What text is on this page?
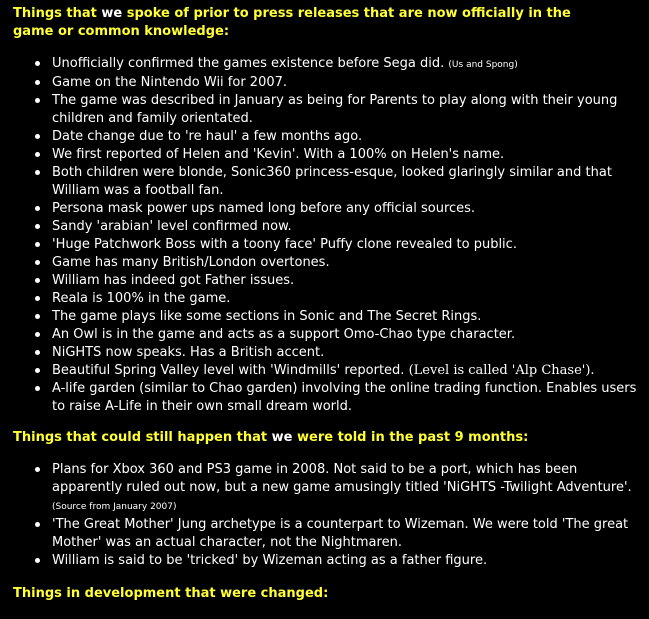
Things that we spoke of prior to press releases that are now officially in the game or common knowledge:
Unofficially confirmed the games existence before Sega did. (Us and Spong)
Game on the Nintendo Wii for 2007.
The game was described in January as being for Parents to play along with their young children and family orientated.
Date change due to 're haul' a few months ago.
We first reported of Helen and 'Kevin'. With a 100% on Helen's name.
Both children were blonde, Sonic360 princess-esque, looked glaringly similar and that William was a football fan.
Persona mask power ups named long before any official sources.
Sandy 'arabian' level confirmed now.
'Huge Patchwork Boss with a toony face' Puffy clone revealed to public.
Game has many British/London overtones.
William has indeed got Father issues.
Reala is 100% in the game.
The game plays like some sections in Sonic and The Secret Rings.
An Owl is in the game and acts as a support Omo-Chao type character.
NiGHTS now speaks. Has a British accent.
Beautiful Spring Valley level with 'Windmills' reported. (Level is called 'Alp Chase').
A-life garden (similar to Chao garden) involving the online trading function. Enables users to raise A-Life in their own small dream world.
Things that could still happen that we were told in the past 9 months:
Plans for Xbox 360 and PS3 game in 2008. Not said to be a port, which has been apparently ruled out now, but a new game amusingly titled 'NiGHTS -Twilight Adventure'. (Source from January 2007)
'The Great Mother' Jung archetype is a counterpart to Wizeman. We were told 'The great Mother' was an actual character, not the Nightmaren.
William is said to be 'tricked' by Wizeman acting as a father figure.
Things in development that were changed:
